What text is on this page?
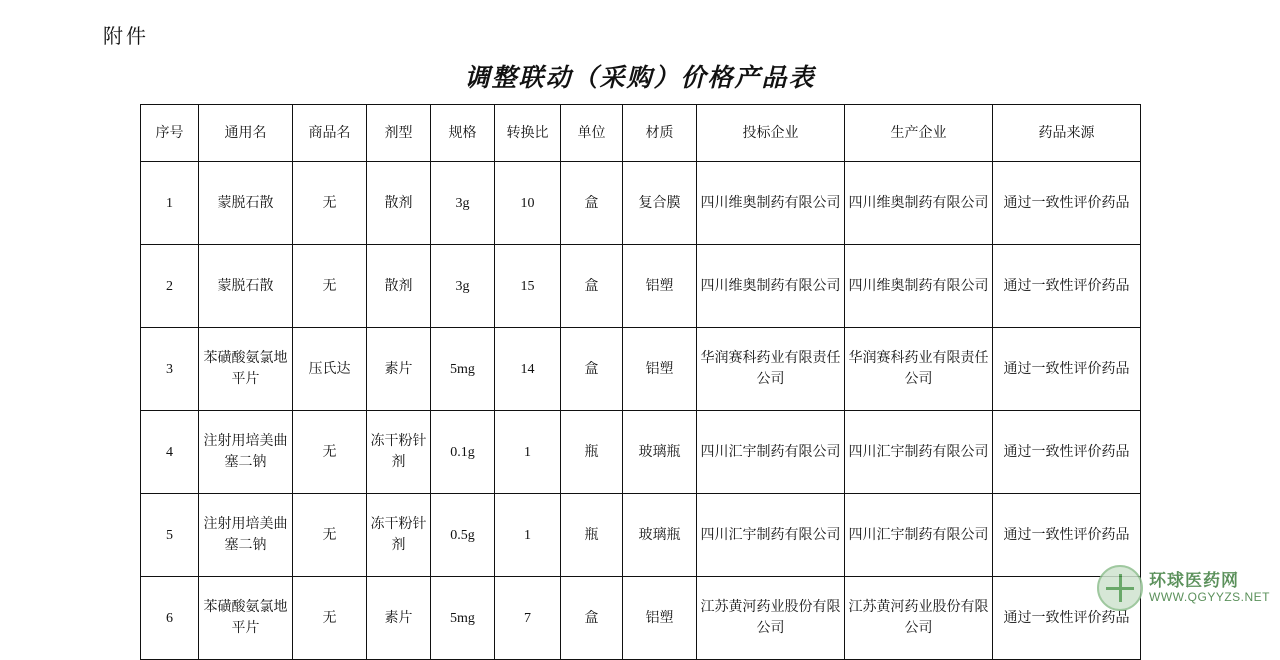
附件
调整联动（采购）价格产品表
序号	通用名	商品名	剂型	规格	转换比	单位	材质	投标企业	生产企业	药品来源
1	蒙脱石散	无	散剂	3g	10	盒	复合膜	四川维奥制药有限公司	四川维奥制药有限公司	通过一致性评价药品
2	蒙脱石散	无	散剂	3g	15	盒	铝塑	四川维奥制药有限公司	四川维奥制药有限公司	通过一致性评价药品
3	苯磺酸氨氯地平片	压氏达	素片	5mg	14	盒	铝塑	华润赛科药业有限责任公司	华润赛科药业有限责任公司	通过一致性评价药品
4	注射用培美曲塞二钠	无	冻干粉针剂	0.1g	1	瓶	玻璃瓶	四川汇宇制药有限公司	四川汇宇制药有限公司	通过一致性评价药品
5	注射用培美曲塞二钠	无	冻干粉针剂	0.5g	1	瓶	玻璃瓶	四川汇宇制药有限公司	四川汇宇制药有限公司	通过一致性评价药品
6	苯磺酸氨氯地平片	无	素片	5mg	7	盒	铝塑	江苏黄河药业股份有限公司	江苏黄河药业股份有限公司	通过一致性评价药品
环球医药网
WWW.QGYYZS.NET
